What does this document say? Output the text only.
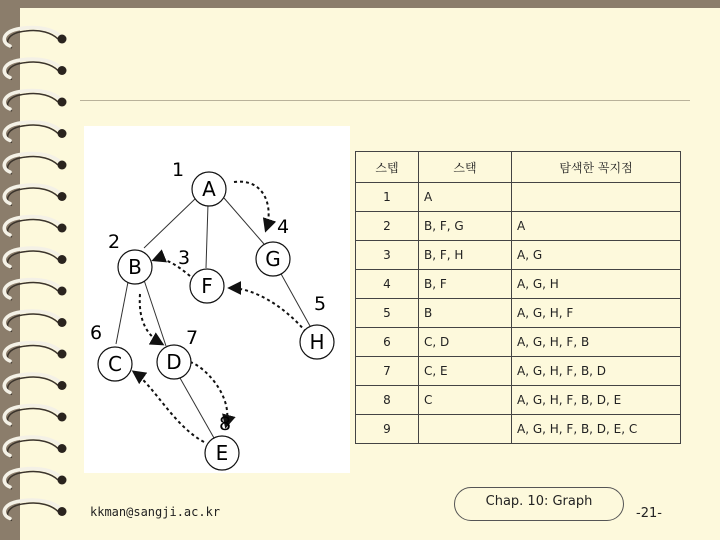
A
B	G
F
H
C D
E
1
2
3
4
5
6	7
8
스텝	스택	탐색한 꼭지점
1	A	
2	B, F, G	A
3	B, F, H	A, G
4	B, F	A, G, H
5	B	A, G, H, F
6	C, D	A, G, H, F, B
7	C, E	A, G, H, F, B, D
8	C	A, G, H, F, B, D, E
9		A, G, H, F, B, D, E, C
kkman@sangji.ac.kr
Chap. 10: Graph
-21-
